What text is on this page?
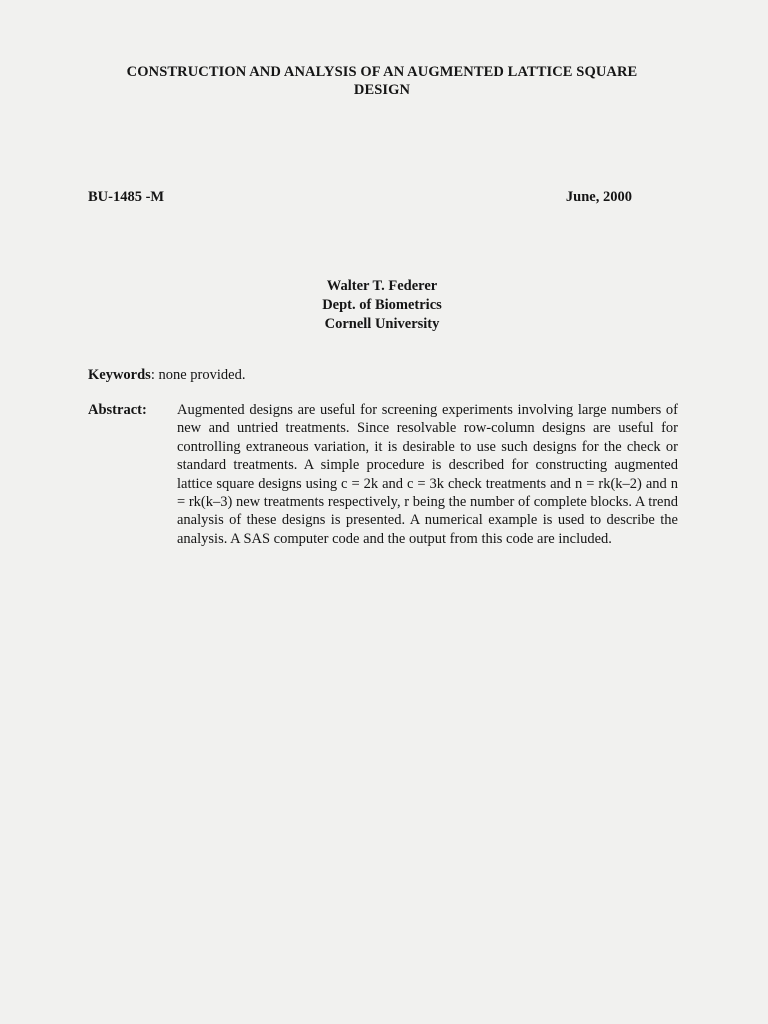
CONSTRUCTION AND ANALYSIS OF AN AUGMENTED LATTICE SQUARE
DESIGN
BU-1485 -M	June, 2000
Walter T. Federer
Dept. of Biometrics
Cornell University
Keywords: none provided.
Abstract: Augmented designs are useful for screening experiments involving large numbers of new and untried treatments. Since resolvable row-column designs are useful for controlling extraneous variation, it is desirable to use such designs for the check or standard treatments. A simple procedure is described for constructing augmented lattice square designs using c = 2k and c = 3k check treatments and n = rk(k–2) and n = rk(k–3) new treatments respectively, r being the number of complete blocks. A trend analysis of these designs is presented. A numerical example is used to describe the analysis. A SAS computer code and the output from this code are included.
